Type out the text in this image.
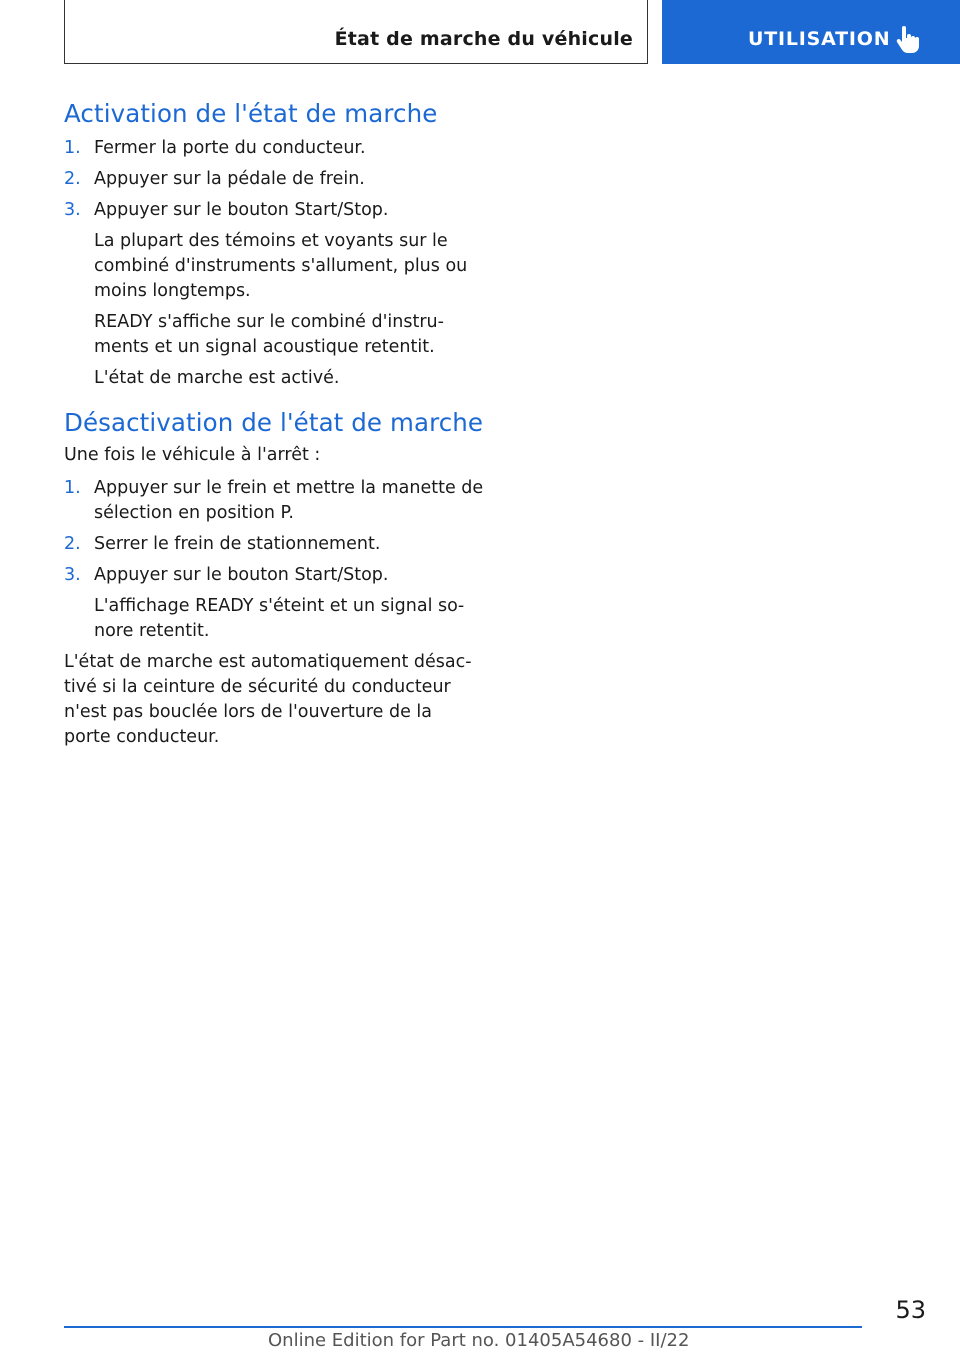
État de marche du véhicule	UTILISATION
Activation de l'état de marche
1. Fermer la porte du conducteur.

2. Appuyer sur la pédale de frein.

3. Appuyer sur le bouton Start/Stop.

La plupart des témoins et voyants sur le combiné d'instruments s'allument, plus ou moins longtemps.

READY s'affiche sur le combiné d'instru‐ments et un signal acoustique retentit.

L'état de marche est activé.

Désactivation de l'état de marche

Une fois le véhicule à l'arrêt :

1. Appuyer sur le frein et mettre la manette de sélection en position P.

2. Serrer le frein de stationnement.

3. Appuyer sur le bouton Start/Stop.

L'affichage READY s'éteint et un signal so‐nore retentit.

L'état de marche est automatiquement désac‐tivé si la ceinture de sécurité du conducteur n'est pas bouclée lors de l'ouverture de la porte conducteur.

53
Online Edition for Part no. 01405A54680 - II/22
